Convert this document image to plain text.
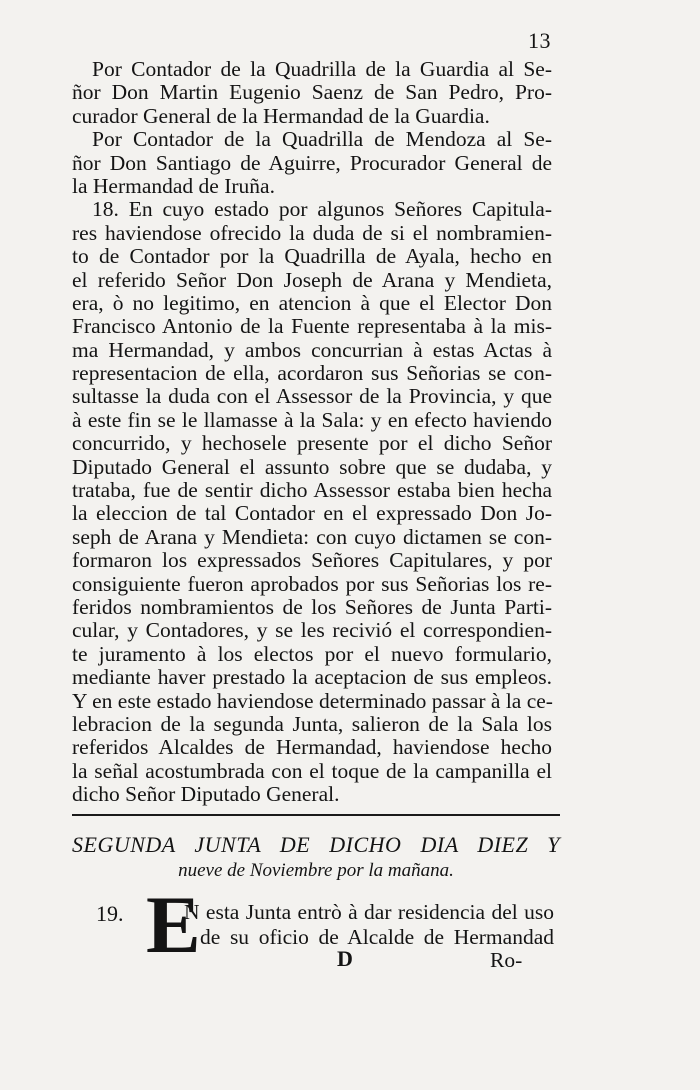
13
Por Contador de la Quadrilla de la Guardia al Se-
ñor Don Martin Eugenio Saenz de San Pedro, Pro-
curador General de la Hermandad de la Guardia.
Por Contador de la Quadrilla de Mendoza al Se-
ñor Don Santiago de Aguirre, Procurador General de
la Hermandad de Iruña.
18. En cuyo estado por algunos Señores Capitula-
res haviendose ofrecido la duda de si el nombramien-
to de Contador por la Quadrilla de Ayala, hecho en
el referido Señor Don Joseph de Arana y Mendieta,
era, ò no legitimo, en atencion à que el Elector Don
Francisco Antonio de la Fuente representaba à la mis-
ma Hermandad, y ambos concurrian à estas Actas à
representacion de ella, acordaron sus Señorias se con-
sultasse la duda con el Assessor de la Provincia, y que
à este fin se le llamasse à la Sala: y en efecto haviendo
concurrido, y hechosele presente por el dicho Señor
Diputado General el assunto sobre que se dudaba, y
trataba, fue de sentir dicho Assessor estaba bien hecha
la eleccion de tal Contador en el expressado Don Jo-
seph de Arana y Mendieta: con cuyo dictamen se con-
formaron los expressados Señores Capitulares, y por
consiguiente fueron aprobados por sus Señorias los re-
feridos nombramientos de los Señores de Junta Parti-
cular, y Contadores, y se les recivió el correspondien-
te juramento à los electos por el nuevo formulario,
mediante haver prestado la aceptacion de sus empleos.
Y en este estado haviendose determinado passar à la ce-
lebracion de la segunda Junta, salieron de la Sala los
referidos Alcaldes de Hermandad, haviendose hecho
la señal acostumbrada con el toque de la campanilla el
dicho Señor Diputado General.
SEGUNDA JUNTA DE DICHO DIA DIEZ Y
nueve de Noviembre por la mañana.
19. E
N esta Junta entrò à dar residencia del uso
de su oficio de Alcalde de Hermandad
D	Ro-
